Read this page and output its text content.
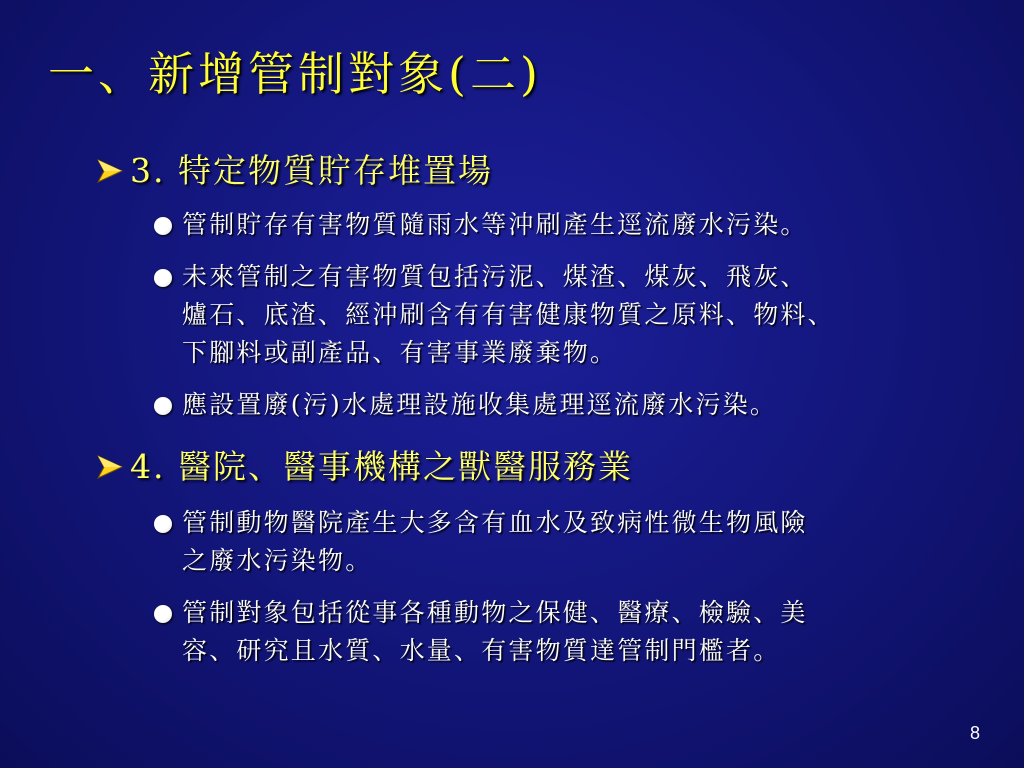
一、新增管制對象(二)
3. 特定物質貯存堆置場
管制貯存有害物質隨雨水等沖刷產生逕流廢水污染。
未來管制之有害物質包括污泥、煤渣、煤灰、飛灰、
爐石、底渣、經沖刷含有有害健康物質之原料、物料、
下腳料或副產品、有害事業廢棄物。
應設置廢(污)水處理設施收集處理逕流廢水污染。
4. 醫院、醫事機構之獸醫服務業
管制動物醫院產生大多含有血水及致病性微生物風險
之廢水污染物。
管制對象包括從事各種動物之保健、醫療、檢驗、美
容、研究且水質、水量、有害物質達管制門檻者。
8
